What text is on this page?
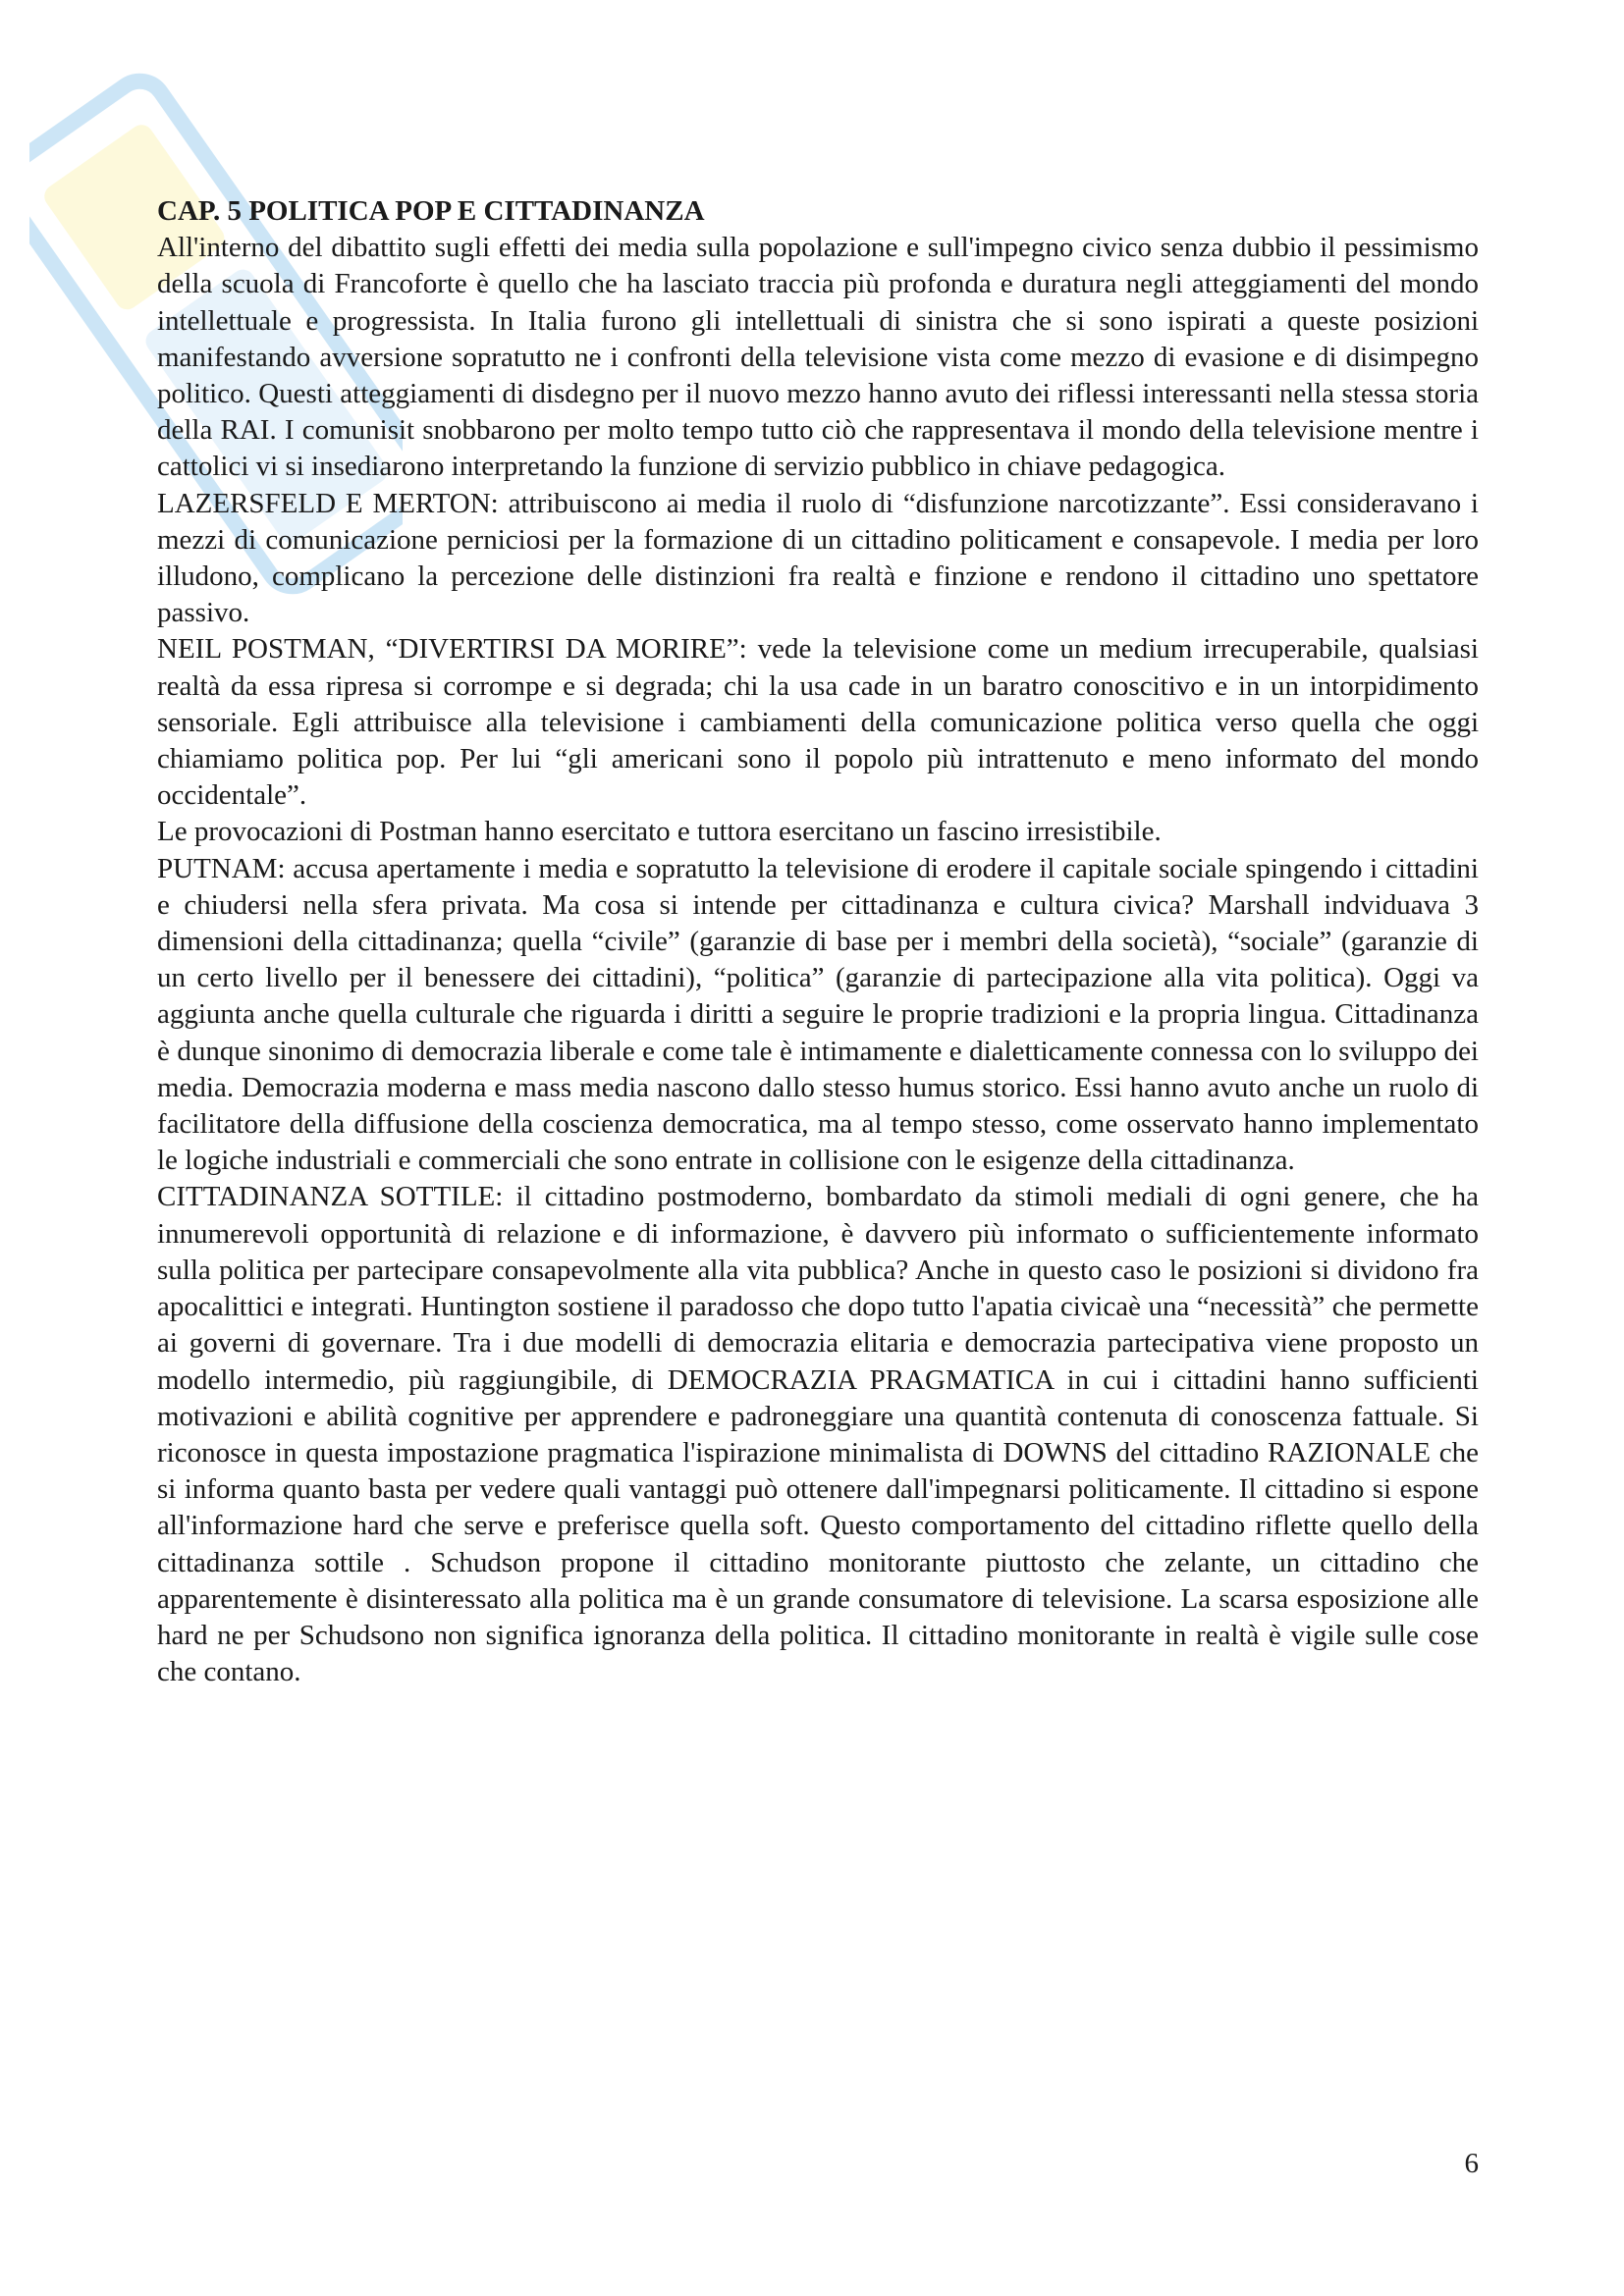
CAP. 5 POLITICA POP E CITTADINANZA

All'interno del dibattito sugli effetti dei media sulla popolazione e sull'impegno civico senza dubbio il pessimismo della scuola di Francoforte è quello che ha lasciato traccia più profonda e duratura negli atteggiamenti del mondo intellettuale e progressista. In Italia furono gli intellettuali di sinistra che si sono ispirati a queste posizioni manifestando avversione sopratutto ne i confronti della televisione vista come mezzo di evasione e di disimpegno politico. Questi atteggiamenti di disdegno per il nuovo mezzo hanno avuto dei riflessi interessanti nella stessa storia della RAI. I comunisit snobbarono per molto tempo tutto ciò che rappresentava il mondo della televisione mentre i cattolici vi si insediarono interpretando la funzione di servizio pubblico in chiave pedagogica.

LAZERSFELD E MERTON: attribuiscono ai media il ruolo di “disfunzione narcotizzante”. Essi consideravano i mezzi di comunicazione perniciosi per la formazione di un cittadino politicament e consapevole. I media per loro illudono, complicano la percezione delle distinzioni fra realtà e finzione e rendono il cittadino uno spettatore passivo.

NEIL POSTMAN, “DIVERTIRSI DA MORIRE”: vede la televisione come un medium irrecuperabile, qualsiasi realtà da essa ripresa si corrompe e si degrada; chi la usa cade in un baratro conoscitivo e in un intorpidimento sensoriale. Egli attribuisce alla televisione i cambiamenti della comunicazione politica verso quella che oggi chiamiamo politica pop. Per lui “gli americani sono il popolo più intrattenuto e meno informato del mondo occidentale”.

Le provocazioni di Postman hanno esercitato e tuttora esercitano un fascino irresistibile.

PUTNAM: accusa apertamente i media e sopratutto la televisione di erodere il capitale sociale spingendo i cittadini e chiudersi nella sfera privata. Ma cosa si intende per cittadinanza e cultura civica? Marshall indviduava 3 dimensioni della cittadinanza; quella “civile” (garanzie di base per i membri della società), “sociale” (garanzie di un certo livello per il benessere dei cittadini), “politica” (garanzie di partecipazione alla vita politica). Oggi va aggiunta anche quella culturale che riguarda i diritti a seguire le proprie tradizioni e la propria lingua. Cittadinanza è dunque sinonimo di democrazia liberale e come tale è intimamente e dialetticamente connessa con lo sviluppo dei media. Democrazia moderna e mass media nascono dallo stesso humus storico. Essi hanno avuto anche un ruolo di facilitatore della diffusione della coscienza democratica, ma al tempo stesso, come osservato hanno implementato le logiche industriali e commerciali che sono entrate in collisione con le esigenze della cittadinanza.

CITTADINANZA SOTTILE: il cittadino postmoderno, bombardato da stimoli mediali di ogni genere, che ha innumerevoli opportunità di relazione e di informazione, è davvero più informato o sufficientemente informato sulla politica per partecipare consapevolmente alla vita pubblica? Anche in questo caso le posizioni si dividono fra apocalittici e integrati. Huntington sostiene il paradosso che dopo tutto l'apatia civicaè una “necessità” che permette ai governi di governare. Tra i due modelli di democrazia elitaria e democrazia partecipativa viene proposto un modello intermedio, più raggiungibile, di DEMOCRAZIA PRAGMATICA in cui i cittadini hanno sufficienti motivazioni e abilità cognitive per apprendere e padroneggiare una quantità contenuta di conoscenza fattuale. Si riconosce in questa impostazione pragmatica l'ispirazione minimalista di DOWNS del cittadino RAZIONALE che si informa quanto basta per vedere quali vantaggi può ottenere dall'impegnarsi politicamente. Il cittadino si espone all'informazione hard che serve e preferisce quella soft. Questo comportamento del cittadino riflette quello della cittadinanza sottile . Schudson propone il cittadino monitorante piuttosto che zelante, un cittadino che apparentemente è disinteressato alla politica ma è un grande consumatore di televisione. La scarsa esposizione alle hard ne per Schudsono non significa ignoranza della politica. Il cittadino monitorante in realtà è vigile sulle cose che contano.

6
